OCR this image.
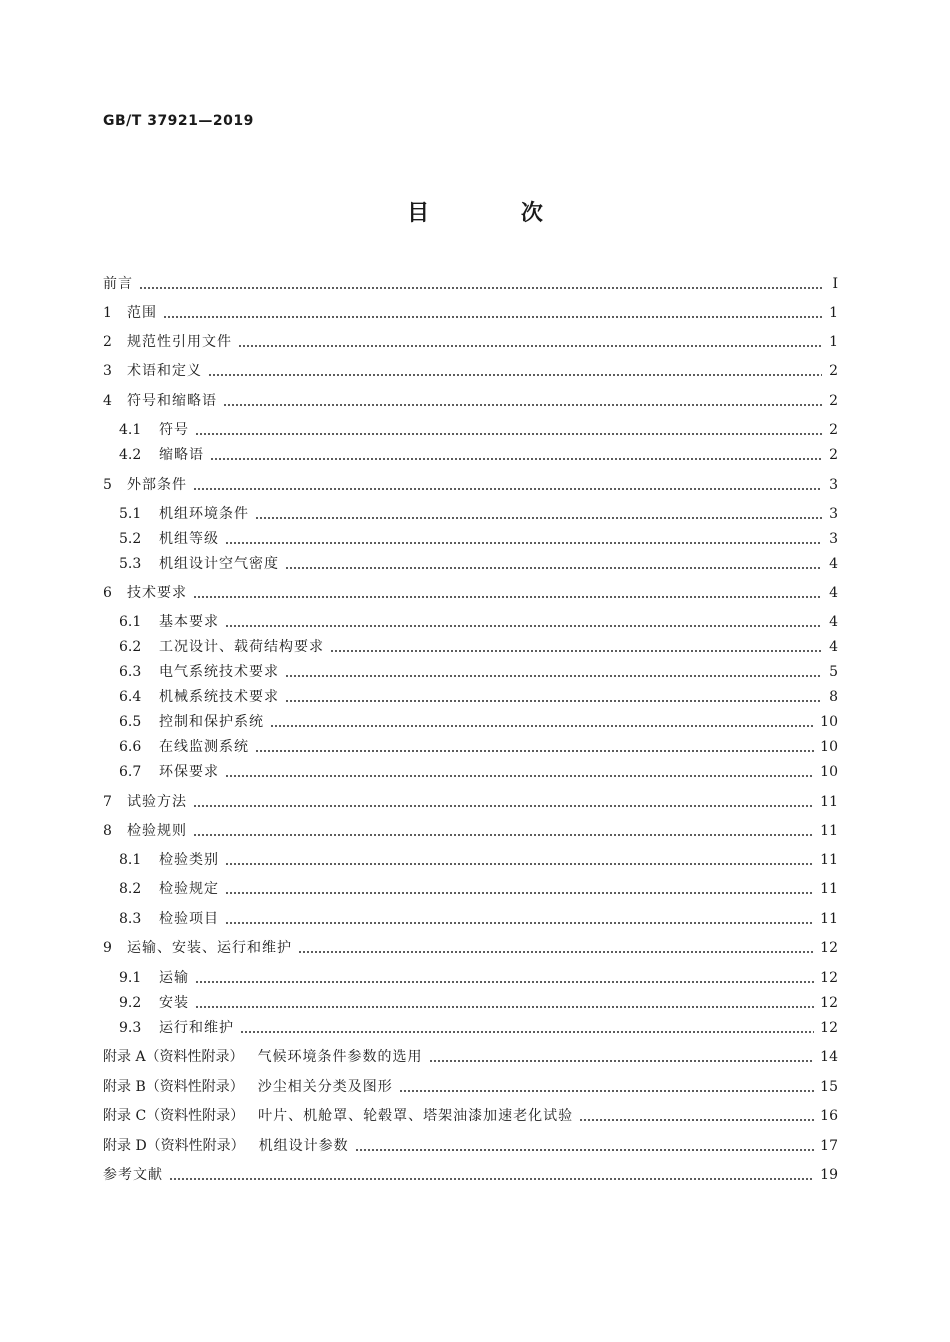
GB/T 37921—2019
目 次
前言	Ⅰ
1	范围	1
2	规范性引用文件	1
3	术语和定义	2
4	符号和缩略语	2
4.1	符号	2
4.2	缩略语	2
5	外部条件	3
5.1	机组环境条件	3
5.2	机组等级	3
5.3	机组设计空气密度	4
6	技术要求	4
6.1	基本要求	4
6.2	工况设计、载荷结构要求	4
6.3	电气系统技术要求	5
6.4	机械系统技术要求	8
6.5	控制和保护系统	10
6.6	在线监测系统	10
6.7	环保要求	10
7	试验方法	11
8	检验规则	11
8.1	检验类别	11
8.2	检验规定	11
8.3	检验项目	11
9	运输、安装、运行和维护	12
9.1	运输	12
9.2	安装	12
9.3	运行和维护	12
附录 A（资料性附录） 气候环境条件参数的选用	14
附录 B（资料性附录） 沙尘相关分类及图形	15
附录 C（资料性附录） 叶片、机舱罩、轮毂罩、塔架油漆加速老化试验	16
附录 D（资料性附录） 机组设计参数	17
参考文献	19
